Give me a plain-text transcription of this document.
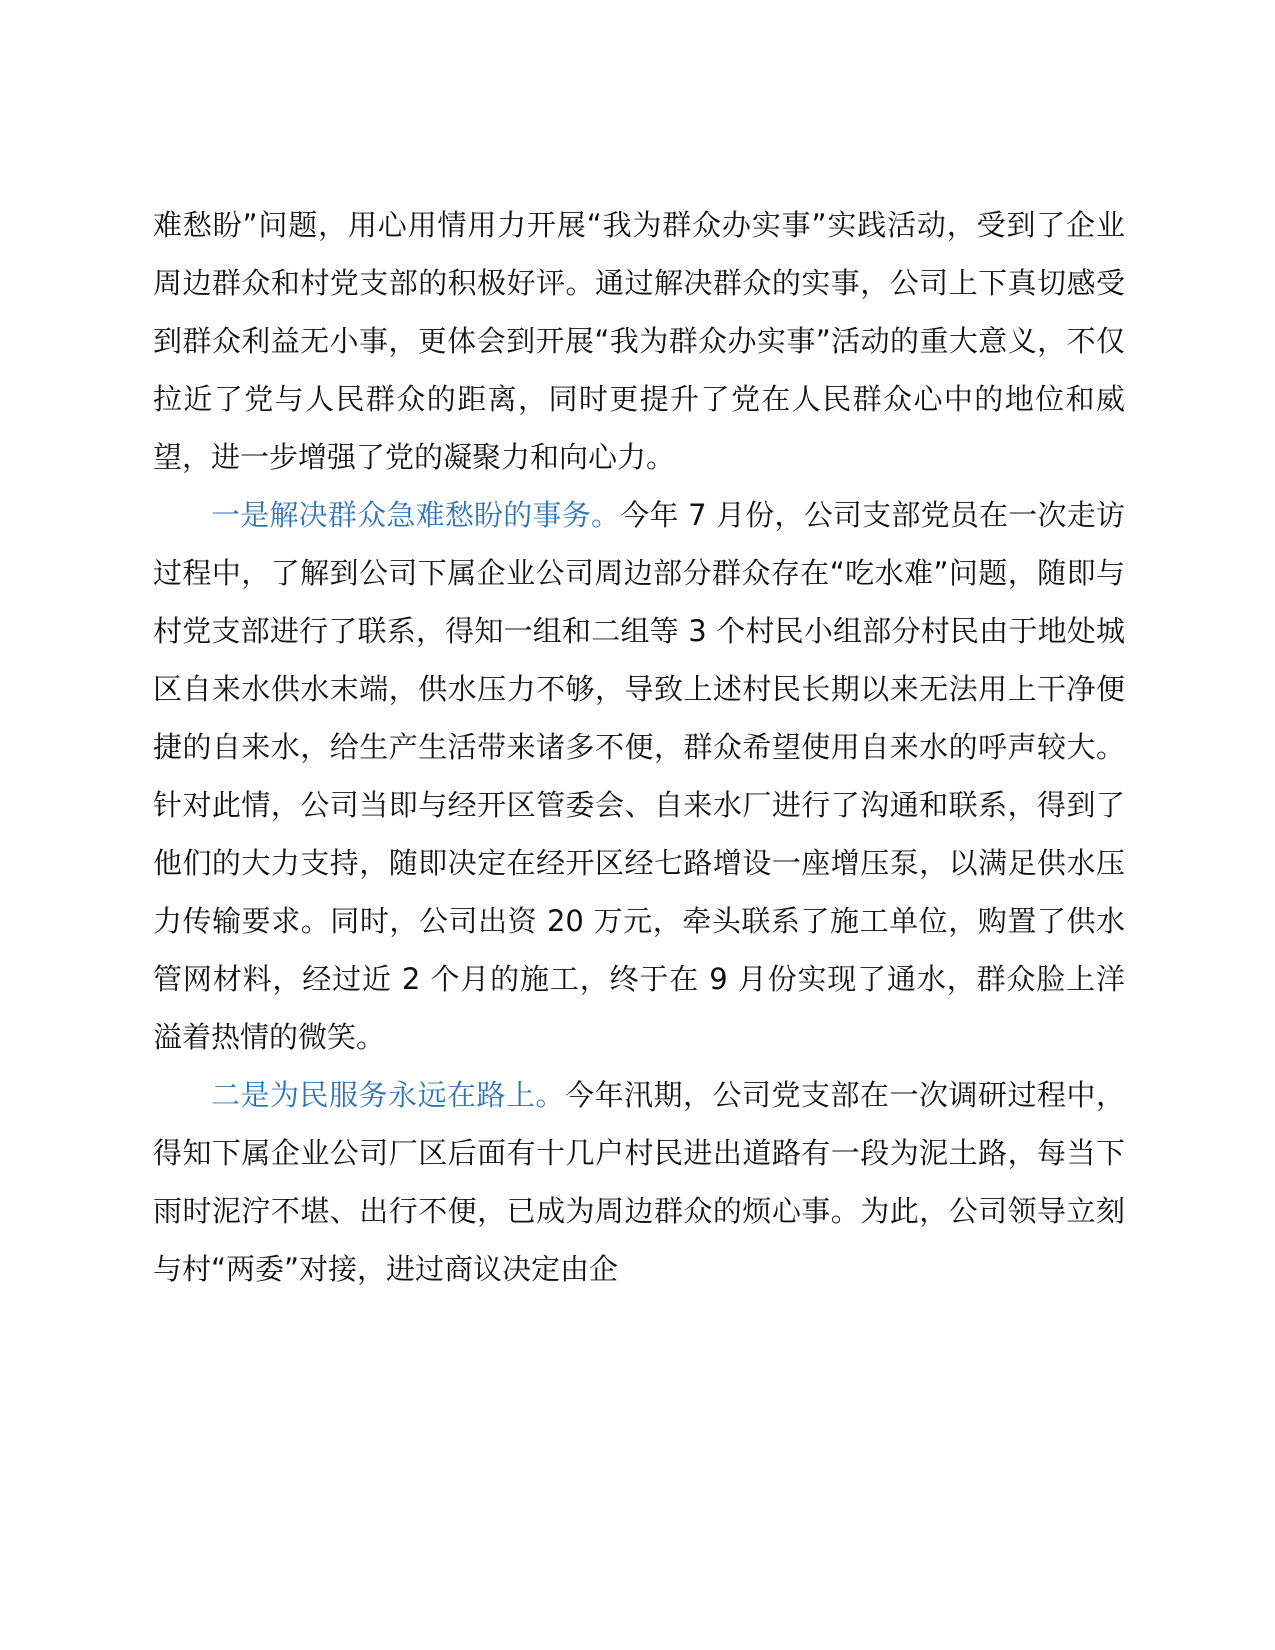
难愁盼”问题，用心用情用力开展“我为群众办实事”实践活动，受到了企业周边群众和村党支部的积极好评。通过解决群众的实事，公司上下真切感受到群众利益无小事，更体会到开展“我为群众办实事”活动的重大意义，不仅拉近了党与人民群众的距离，同时更提升了党在人民群众心中的地位和威望，进一步增强了党的凝聚力和向心力。

一是解决群众急难愁盼的事务。今年 7 月份，公司支部党员在一次走访过程中，了解到公司下属企业公司周边部分群众存在“吃水难”问题，随即与村党支部进行了联系，得知一组和二组等 3 个村民小组部分村民由于地处城区自来水供水末端，供水压力不够，导致上述村民长期以来无法用上干净便捷的自来水，给生产生活带来诸多不便，群众希望使用自来水的呼声较大。针对此情，公司当即与经开区管委会、自来水厂进行了沟通和联系，得到了他们的大力支持，随即决定在经开区经七路增设一座增压泵，以满足供水压力传输要求。同时，公司出资 20 万元，牵头联系了施工单位，购置了供水管网材料，经过近 2 个月的施工，终于在 9 月份实现了通水，群众脸上洋溢着热情的微笑。

二是为民服务永远在路上。今年汛期，公司党支部在一次调研过程中，得知下属企业公司厂区后面有十几户村民进出道路有一段为泥土路，每当下雨时泥泞不堪、出行不便，已成为周边群众的烦心事。为此，公司领导立刻与村“两委”对接，进过商议决定由企
